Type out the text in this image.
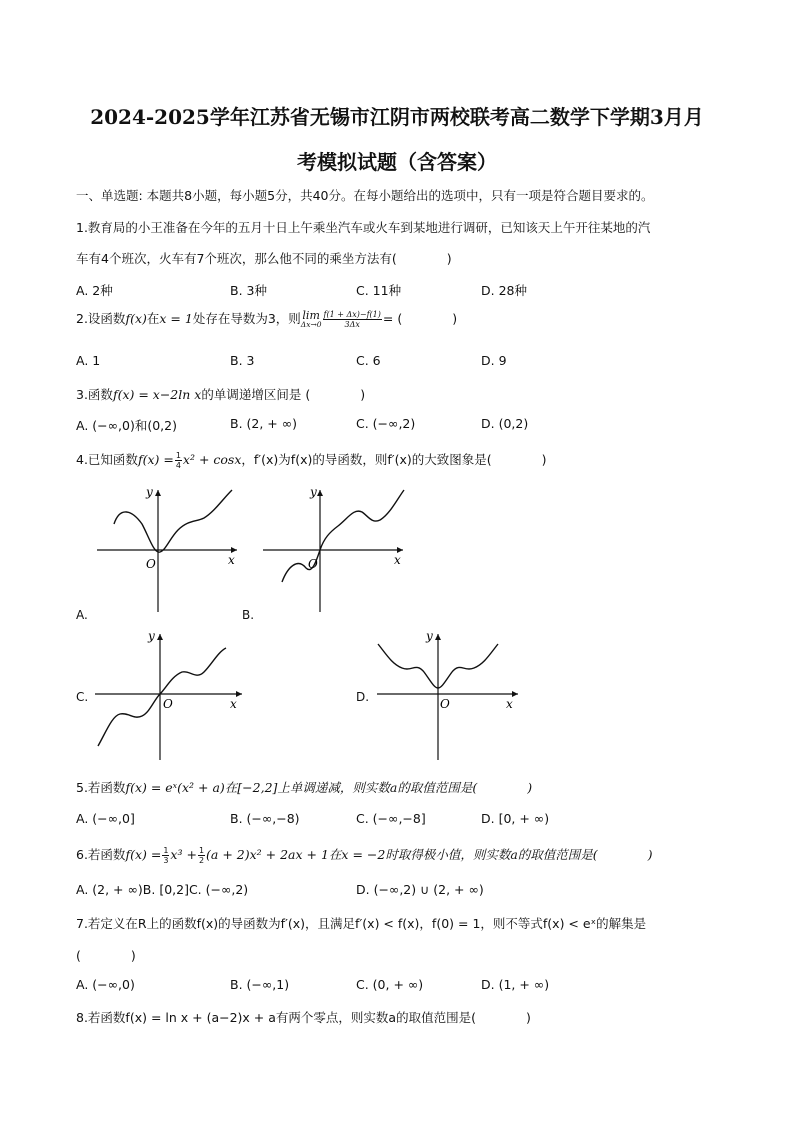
2024-2025学年江苏省无锡市江阴市两校联考高二数学下学期3月月
考模拟试题（含答案）
一、单选题: 本题共8小题，每小题5分，共40分。在每小题给出的选项中，只有一项是符合题目要求的。
1.教育局的小王准备在今年的五月十日上午乘坐汽车或火车到某地进行调研，已知该天上午开往某地的汽
车有4个班次，火车有7个班次，那么他不同的乘坐方法有(　　　　)
A. 2种	B. 3种	C. 11种	D. 28种
2.设函数f(x)在x = 1处存在导数为3，则 lim
$\Delta x\to 0 \frac{f(1 + \Delta x)-f(1)}{3\Delta x}$ = (　　　　)
A. 1	B. 3	C. 6	D. 9
3.函数f(x) = x−2ln x的单调递增区间是 (　　　　)
A. (−∞,0)和(0,2)	B. (2, + ∞)	C. (−∞,2)	D. (0,2)
4.已知函数$f(x) = \frac{1}{4} x^2 + \cos x$，f′(x)为f(x)的导函数，则f′(x)的大致图象是(　　　　)
y
x
O
A.
y
x
O
B.
y
x
O
C.
y
x
O
D.
5.若函数f(x) = eˣ(x² + a)在[−2,2]上单调递减，则实数a的取值范围是(　　　　)
A. (−∞,0]	B. (−∞,−8)	C. (−∞,−8]	D. [0, + ∞)
6.若函数$f(x) = \frac{1}{3} x^3 + \frac{1}{2} (a + 2)x^2 + 2ax + 1$在x = −2时取得极小值，则实数a的取值范围是(　　　　)
A. (2, + ∞)B. [0,2]C. (−∞,2)	D. (−∞,2) ∪ (2, + ∞)
7.若定义在R上的函数f(x)的导函数为f′(x)，且满足f′(x) < f(x)，f(0) = 1，则不等式f(x) < eˣ的解集是
(　　　　)
A. (−∞,0)	B. (−∞,1)	C. (0, + ∞)	D. (1, + ∞)
8.若函数f(x) = ln x + (a−2)x + a有两个零点，则实数a的取值范围是(　　　　)
